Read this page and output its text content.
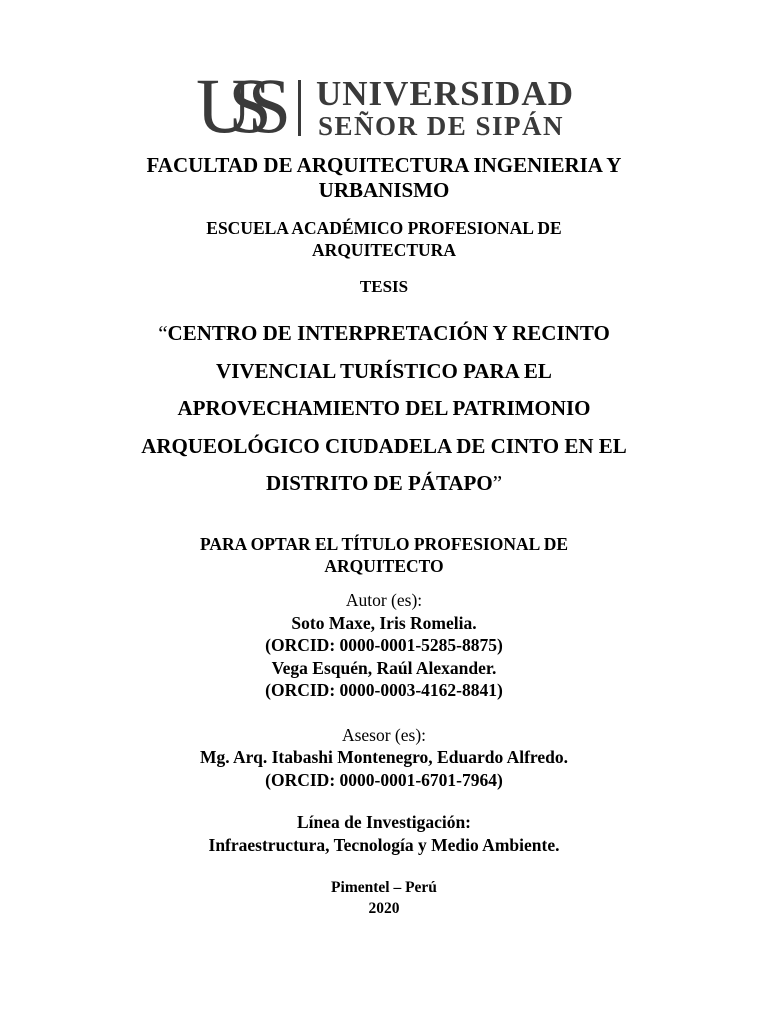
USS	UNIVERSIDAD
SEÑOR DE SIPÁN
FACULTAD DE ARQUITECTURA INGENIERIA Y
URBANISMO
ESCUELA ACADÉMICO PROFESIONAL DE
ARQUITECTURA
TESIS
“CENTRO DE INTERPRETACIÓN Y RECINTO
VIVENCIAL TURÍSTICO PARA EL
APROVECHAMIENTO DEL PATRIMONIO
ARQUEOLÓGICO CIUDADELA DE CINTO EN EL
DISTRITO DE PÁTAPO”
PARA OPTAR EL TÍTULO PROFESIONAL DE
ARQUITECTO
Autor (es):
Soto Maxe, Iris Romelia.
(ORCID: 0000-0001-5285-8875)
Vega Esquén, Raúl Alexander.
(ORCID: 0000-0003-4162-8841)
Asesor (es):
Mg. Arq. Itabashi Montenegro, Eduardo Alfredo.
(ORCID: 0000-0001-6701-7964)
Línea de Investigación:
Infraestructura, Tecnología y Medio Ambiente.
Pimentel – Perú
2020
